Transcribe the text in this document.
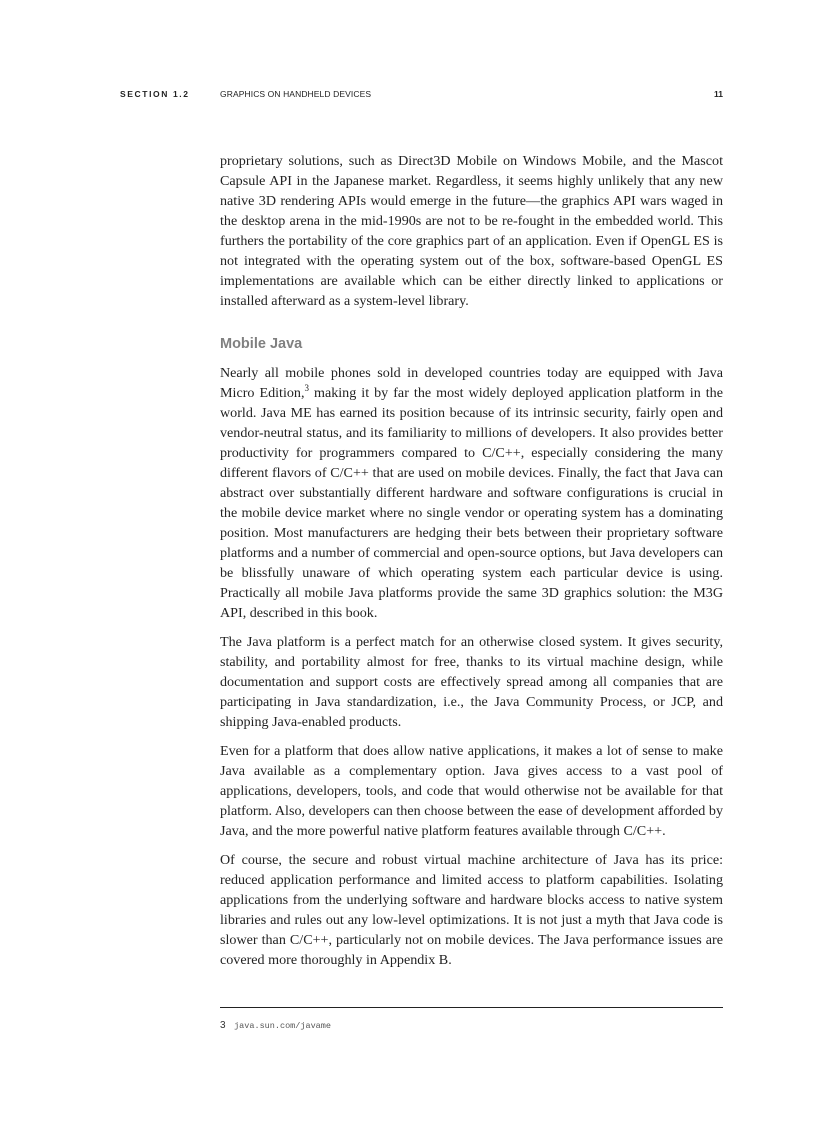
SECTION 1.2	GRAPHICS ON HANDHELD DEVICES	11

proprietary solutions, such as Direct3D Mobile on Windows Mobile, and the Mascot Capsule API in the Japanese market. Regardless, it seems highly unlikely that any new native 3D rendering APIs would emerge in the future—the graphics API wars waged in the desktop arena in the mid-1990s are not to be re-fought in the embedded world. This furthers the portability of the core graphics part of an application. Even if OpenGL ES is not integrated with the operating system out of the box, software-based OpenGL ES implementations are available which can be either directly linked to applications or installed afterward as a system-level library.

Mobile Java

Nearly all mobile phones sold in developed countries today are equipped with Java Micro Edition,$^3$ making it by far the most widely deployed application platform in the world. Java ME has earned its position because of its intrinsic security, fairly open and vendor-neutral status, and its familiarity to millions of developers. It also provides better productivity for programmers compared to C/C++, especially considering the many different flavors of C/C++ that are used on mobile devices. Finally, the fact that Java can abstract over substantially different hardware and software configurations is crucial in the mobile device market where no single vendor or operating system has a dominating position. Most manufacturers are hedging their bets between their proprietary software platforms and a number of commercial and open-source options, but Java developers can be blissfully unaware of which operating system each particular device is using. Practically all mobile Java platforms provide the same 3D graphics solution: the M3G API, described in this book.

The Java platform is a perfect match for an otherwise closed system. It gives security, stability, and portability almost for free, thanks to its virtual machine design, while documentation and support costs are effectively spread among all companies that are participating in Java standardization, i.e., the Java Community Process, or JCP, and shipping Java-enabled products.

Even for a platform that does allow native applications, it makes a lot of sense to make Java available as a complementary option. Java gives access to a vast pool of applications, developers, tools, and code that would otherwise not be available for that platform. Also, developers can then choose between the ease of development afforded by Java, and the more powerful native platform features available through C/C++.

Of course, the secure and robust virtual machine architecture of Java has its price: reduced application performance and limited access to platform capabilities. Isolating applications from the underlying software and hardware blocks access to native system libraries and rules out any low-level optimizations. It is not just a myth that Java code is slower than C/C++, particularly not on mobile devices. The Java performance issues are covered more thoroughly in Appendix B.

3 java.sun.com/javame
